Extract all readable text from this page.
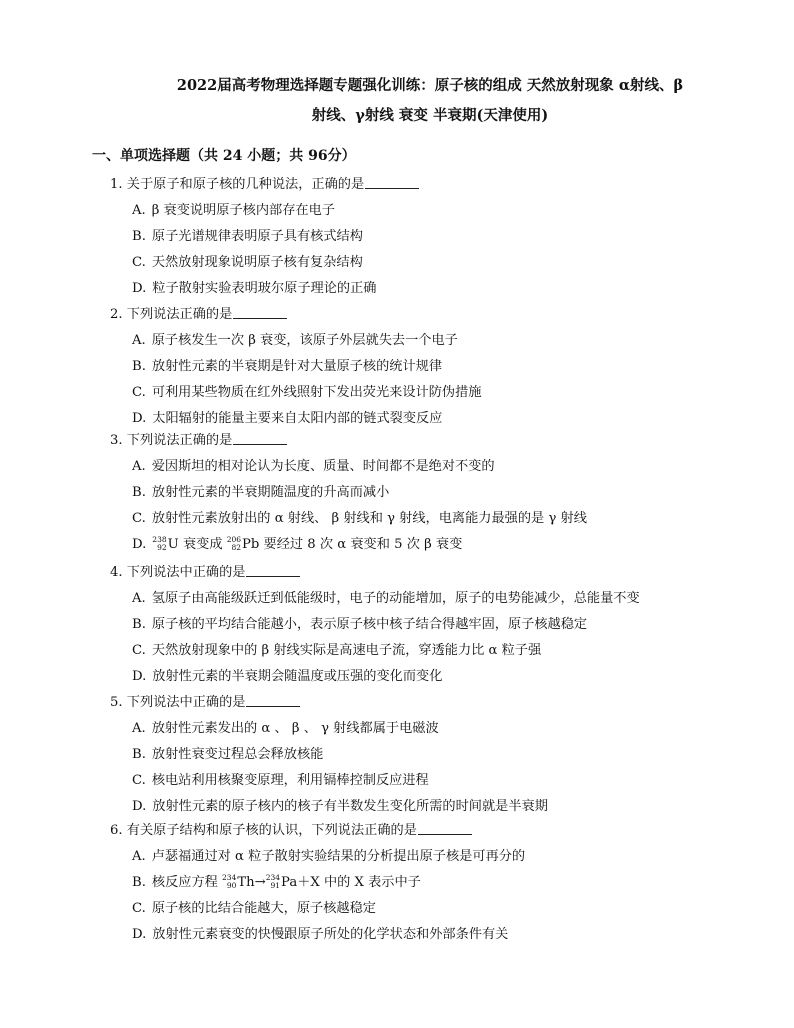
2022届高考物理选择题专题强化训练：原子核的组成 天然放射现象 α射线、β
射线、γ射线 衰变 半衰期(天津使用)
一、单项选择题（共 24 小题；共 96分）
1. 关于原子和原子核的几种说法，正确的是
A. β 衰变说明原子核内部存在电子
B. 原子光谱规律表明原子具有核式结构
C. 天然放射现象说明原子核有复杂结构
D. 粒子散射实验表明玻尔原子理论的正确
2. 下列说法正确的是
A. 原子核发生一次 β 衰变，该原子外层就失去一个电子
B. 放射性元素的半衰期是针对大量原子核的统计规律
C. 可利用某些物质在红外线照射下发出荧光来设计防伪措施
D. 太阳辐射的能量主要来自太阳内部的链式裂变反应
3. 下列说法正确的是
A. 爱因斯坦的相对论认为长度、质量、时间都不是绝对不变的
B. 放射性元素的半衰期随温度的升高而减小
C. 放射性元素放射出的 α 射线、 β 射线和 γ 射线，电离能力最强的是 γ 射线
D. 238
92 U 衰变成 206
82 Pb 要经过 8 次 α 衰变和 5 次 β 衰变
4. 下列说法中正确的是
A. 氢原子由高能级跃迁到低能级时，电子的动能增加，原子的电势能减少，总能量不变
B. 原子核的平均结合能越小，表示原子核中核子结合得越牢固，原子核越稳定
C. 天然放射现象中的 β 射线实际是高速电子流，穿透能力比 α 粒子强
D. 放射性元素的半衰期会随温度或压强的变化而变化
5. 下列说法中正确的是
A. 放射性元素发出的 α 、 β 、 γ 射线都属于电磁波
B. 放射性衰变过程总会释放核能
C. 核电站利用核聚变原理，利用镉棒控制反应进程
D. 放射性元素的原子核内的核子有半数发生变化所需的时间就是半衰期
6. 有关原子结构和原子核的认识，下列说法正确的是
A. 卢瑟福通过对 α 粒子散射实验结果的分析提出原子核是可再分的
B. 核反应方程 234
90 Th→ 234
91 Pa＋X 中的 X 表示中子
C. 原子核的比结合能越大，原子核越稳定
D. 放射性元素衰变的快慢跟原子所处的化学状态和外部条件有关
